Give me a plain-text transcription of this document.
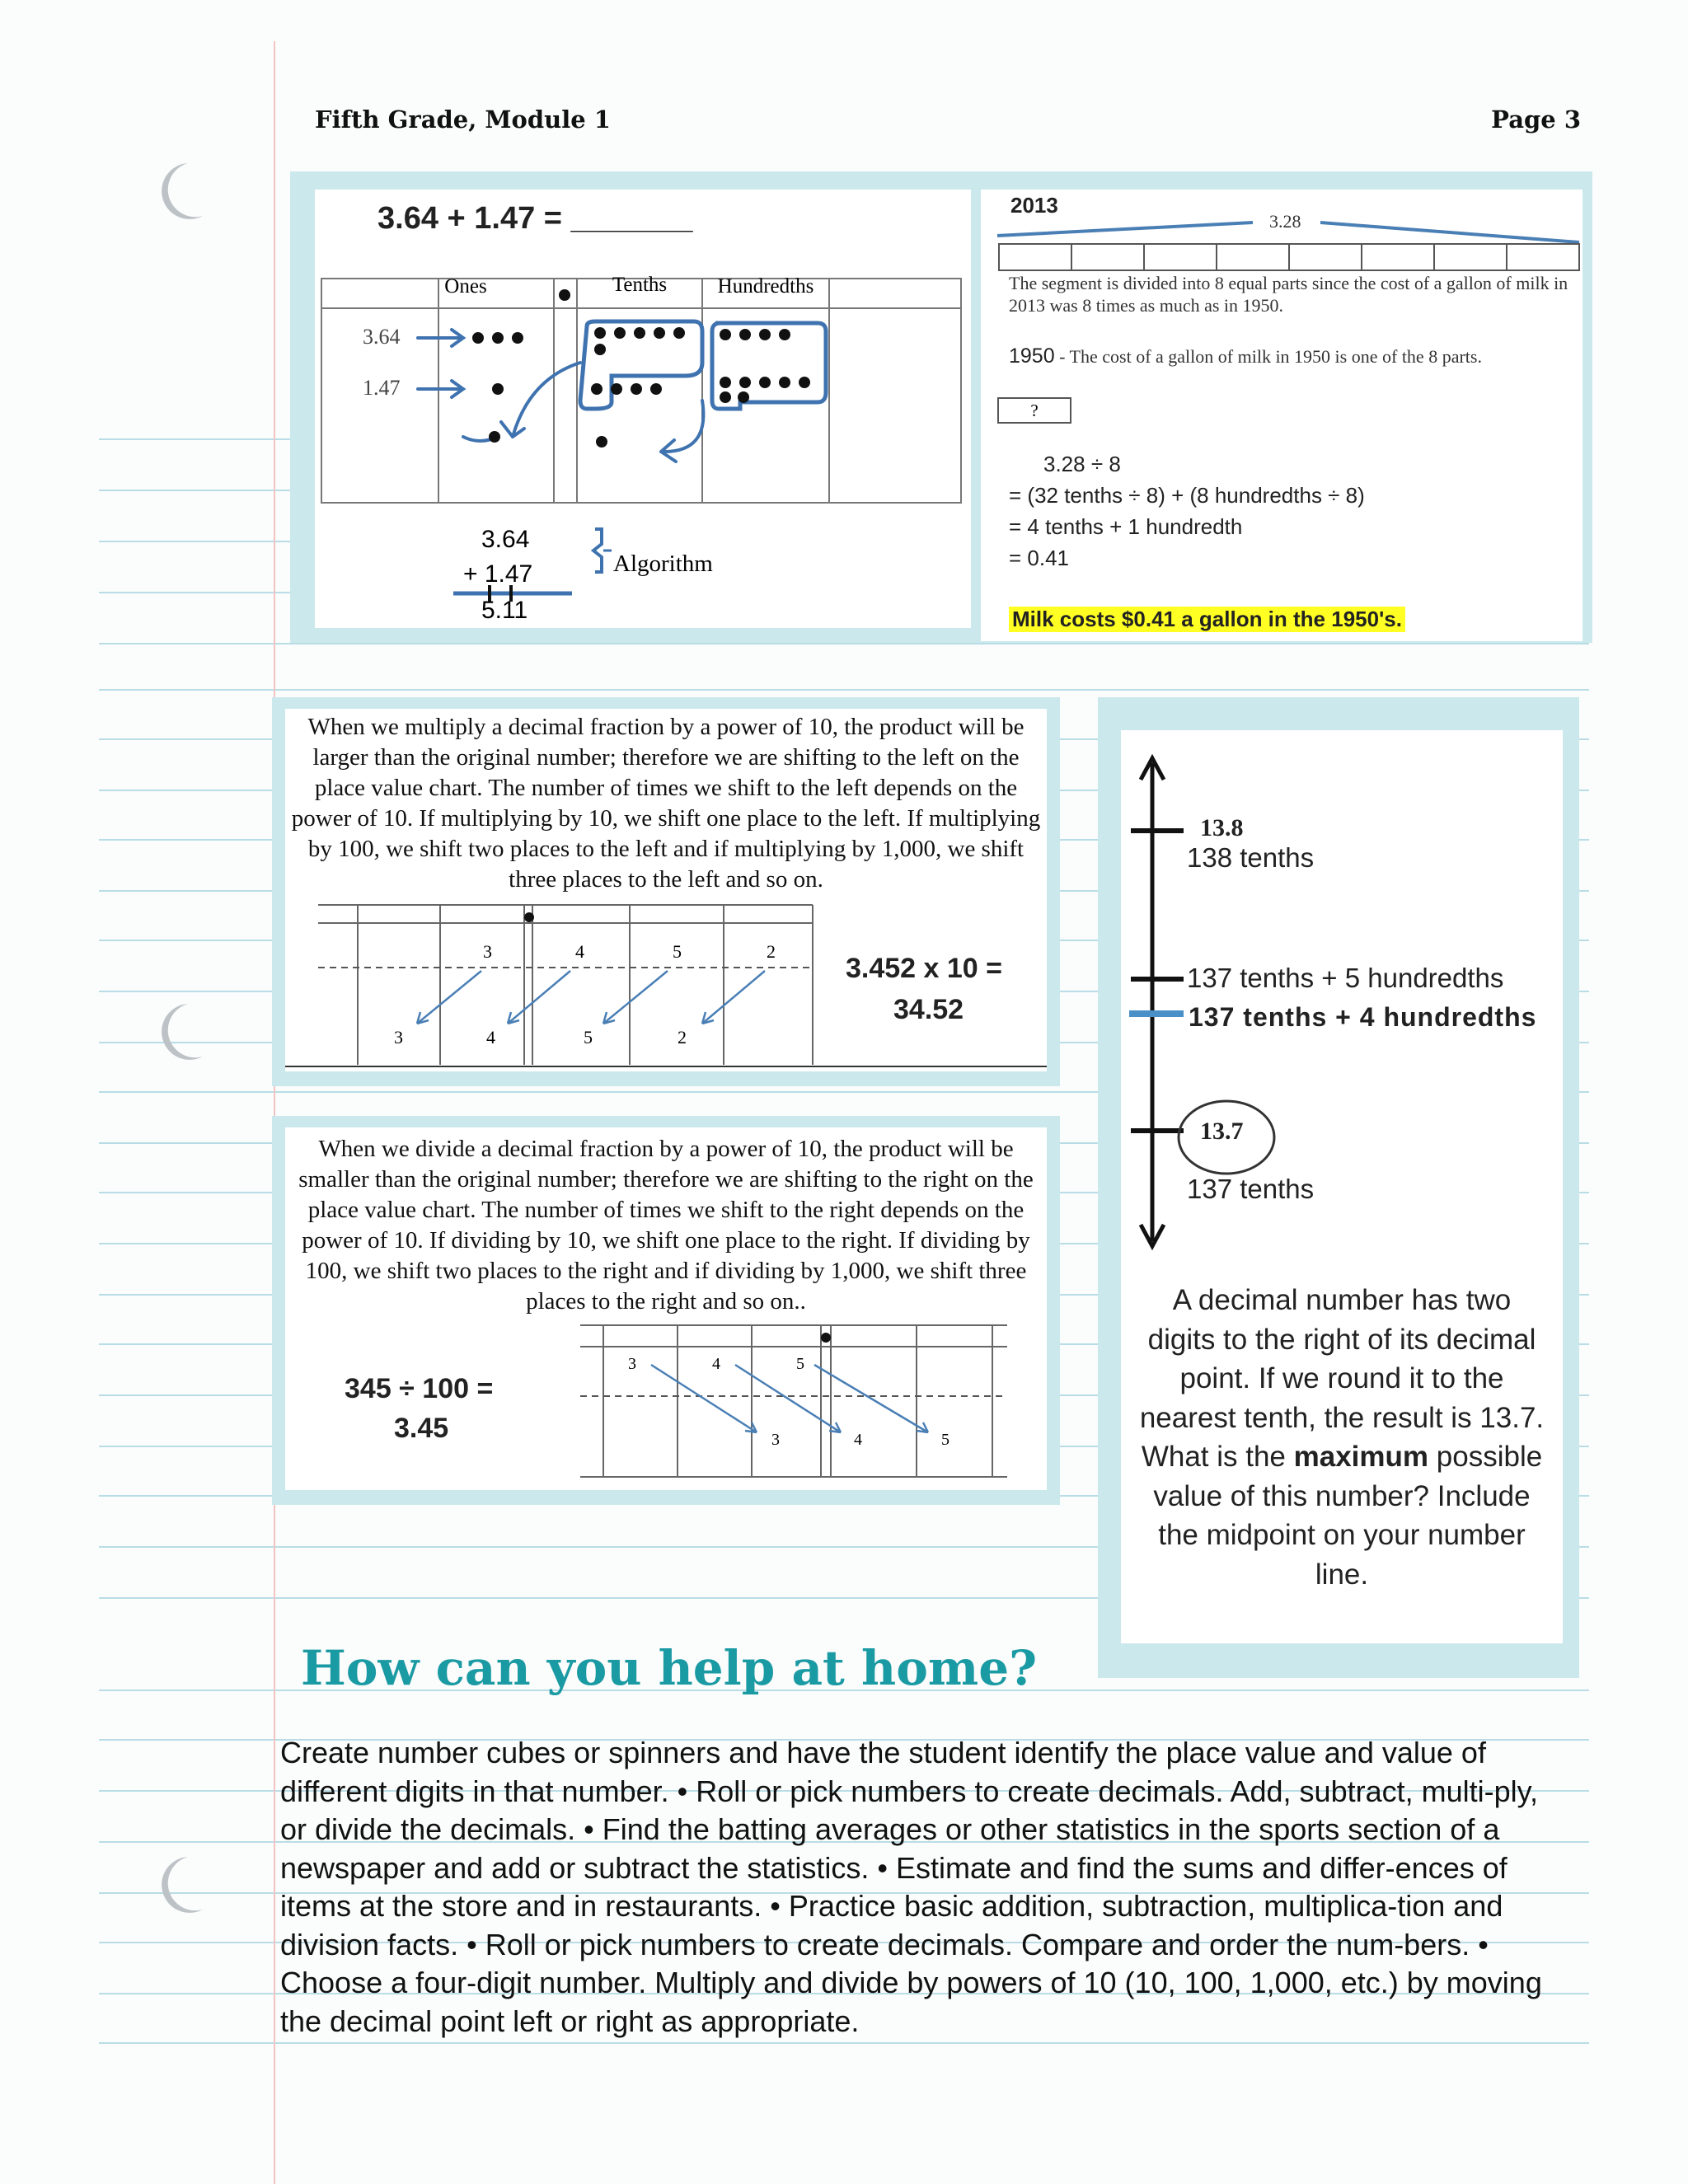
Fifth Grade, Module 1	Page 3
3.64 + 1.47 = _______
Ones	Tenths	Hundredths
3.64
1.47
3.64
+ 1.47
5.11
Algorithm
2013
3.28
The segment is divided into 8 equal parts since the cost of a gallon of milk in 2013 was 8 times as much as in 1950.
1950 - The cost of a gallon of milk in 1950 is one of the 8 parts.
?
3.28 ÷ 8
= (32 tenths ÷ 8) + (8 hundredths ÷ 8)
= 4 tenths + 1 hundredth
= 0.41
Milk costs $0.41 a gallon in the 1950's.
When we multiply a decimal fraction by a power of 10, the product will be larger than the original number; therefore we are shifting to the left on the place value chart. The number of times we shift to the left depends on the power of 10. If multiplying by 10, we shift one place to the left. If multiplying by 100, we shift two places to the left and if multiplying by 1,000, we shift three places to the left and so on.
3	4	5	2
3	4	5	2
3.452 x 10 =
34.52
When we divide a decimal fraction by a power of 10, the product will be smaller than the original number; therefore we are shifting to the right on the place value chart. The number of times we shift to the right depends on the power of 10. If dividing by 10, we shift one place to the right. If dividing by 100, we shift two places to the right and if dividing by 1,000, we shift three places to the right and so on..
3	4	5
3	4	5
345 ÷ 100 =
3.45
13.8
138 tenths
137 tenths + 5 hundredths
137 tenths + 4 hundredths
13.7
137 tenths
A decimal number has two digits to the right of its decimal point. If we round it to the nearest tenth, the result is 13.7. What is the maximum possible value of this number? Include the midpoint on your number line.
How can you help at home?
Create number cubes or spinners and have the student identify the place value and value of different digits in that number. • Roll or pick numbers to create decimals. Add, subtract, multi-ply, or divide the decimals. • Find the batting averages or other statistics in the sports section of a newspaper and add or subtract the statistics. • Estimate and find the sums and differ-ences of items at the store and in restaurants. • Practice basic addition, subtraction, multiplica-tion and division facts. • Roll or pick numbers to create decimals. Compare and order the num-bers. • Choose a four-digit number. Multiply and divide by powers of 10 (10, 100, 1,000, etc.) by moving the decimal point left or right as appropriate.
